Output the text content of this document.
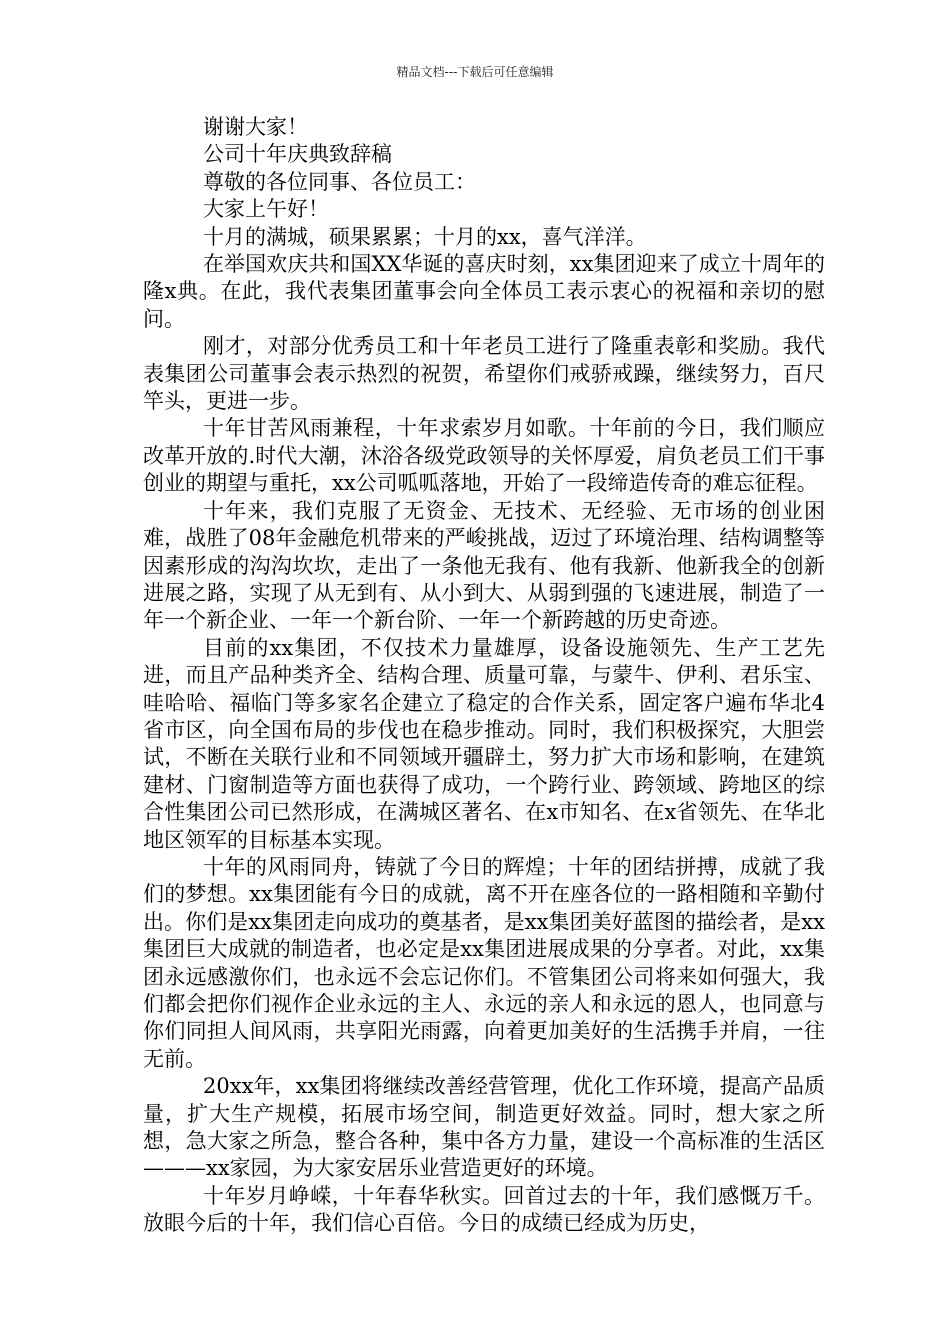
精品文档---下载后可任意编辑

谢谢大家！

公司十年庆典致辞稿

尊敬的各位同事、各位员工：

大家上午好！

十月的满城，硕果累累；十月的xx，喜气洋洋。

在举国欢庆共和国XX华诞的喜庆时刻，xx集团迎来了成立十周年的隆x典。在此，我代表集团董事会向全体员工表示衷心的祝福和亲切的慰问。

刚才，对部分优秀员工和十年老员工进行了隆重表彰和奖励。我代表集团公司董事会表示热烈的祝贺，希望你们戒骄戒躁，继续努力，百尺竿头，更进一步。

十年甘苦风雨兼程，十年求索岁月如歌。十年前的今日，我们顺应改革开放的.时代大潮，沐浴各级党政领导的关怀厚爱，肩负老员工们干事创业的期望与重托，xx公司呱呱落地，开始了一段缔造传奇的难忘征程。

十年来，我们克服了无资金、无技术、无经验、无市场的创业困难，战胜了08年金融危机带来的严峻挑战，迈过了环境治理、结构调整等因素形成的沟沟坎坎，走出了一条他无我有、他有我新、他新我全的创新进展之路，实现了从无到有、从小到大、从弱到强的飞速进展，制造了一年一个新企业、一年一个新台阶、一年一个新跨越的历史奇迹。

目前的xx集团，不仅技术力量雄厚，设备设施领先、生产工艺先进，而且产品种类齐全、结构合理、质量可靠，与蒙牛、伊利、君乐宝、哇哈哈、福临门等多家名企建立了稳定的合作关系，固定客户遍布华北4省市区，向全国布局的步伐也在稳步推动。同时，我们积极探究，大胆尝试，不断在关联行业和不同领域开疆辟土，努力扩大市场和影响，在建筑建材、门窗制造等方面也获得了成功，一个跨行业、跨领域、跨地区的综合性集团公司已然形成，在满城区著名、在x市知名、在x省领先、在华北地区领军的目标基本实现。

十年的风雨同舟，铸就了今日的辉煌；十年的团结拼搏，成就了我们的梦想。xx集团能有今日的成就，离不开在座各位的一路相随和辛勤付出。你们是xx集团走向成功的奠基者，是xx集团美好蓝图的描绘者，是xx集团巨大成就的制造者，也必定是xx集团进展成果的分享者。对此，xx集团永远感激你们，也永远不会忘记你们。不管集团公司将来如何强大，我们都会把你们视作企业永远的主人、永远的亲人和永远的恩人，也同意与你们同担人间风雨，共享阳光雨露，向着更加美好的生活携手并肩，一往无前。

20xx年，xx集团将继续改善经营管理，优化工作环境，提高产品质量，扩大生产规模，拓展市场空间，制造更好效益。同时，想大家之所想，急大家之所急，整合各种，集中各方力量，建设一个高标准的生活区———xx家园，为大家安居乐业营造更好的环境。

十年岁月峥嵘，十年春华秋实。回首过去的十年，我们感慨万千。放眼今后的十年，我们信心百倍。今日的成绩已经成为历史，
